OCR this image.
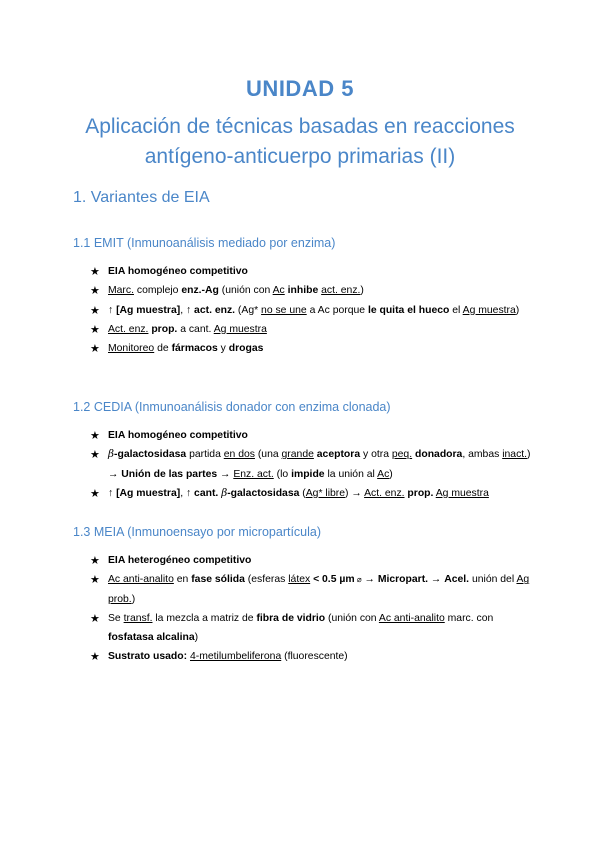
UNIDAD 5
Aplicación de técnicas basadas en reacciones antígeno-anticuerpo primarias (II)
1. Variantes de EIA
1.1 EMIT (Inmunoanálisis mediado por enzima)
★ EIA homogéneo competitivo
★ Marc. complejo enz.-Ag (unión con Ac inhibe act. enz.)
★ ↑ [Ag muestra], ↑ act. enz. (Ag* no se une a Ac porque le quita el hueco el Ag muestra)
★ Act. enz. prop. a cant. Ag muestra
★ Monitoreo de fármacos y drogas
1.2 CEDIA (Inmunoanálisis donador con enzima clonada)
★ EIA homogéneo competitivo
★ β-galactosidasa partida en dos (una grande aceptora y otra peq. donadora, ambas inact.) → Unión de las partes → Enz. act. (lo impide la unión al Ac)
★ ↑ [Ag muestra], ↑ cant. β-galactosidasa (Ag* libre) → Act. enz. prop. Ag muestra
1.3 MEIA (Inmunoensayo por micropartícula)
★ EIA heterogéneo competitivo
★ Ac anti-analito en fase sólida (esferas látex < 0.5 µm ⌀ → Micropart. → Acel. unión del Ag prob.)
★ Se transf. la mezcla a matriz de fibra de vidrio (unión con Ac anti-analito marc. con fosfatasa alcalina)
★ Sustrato usado: 4-metilumbeliferona (fluorescente)
